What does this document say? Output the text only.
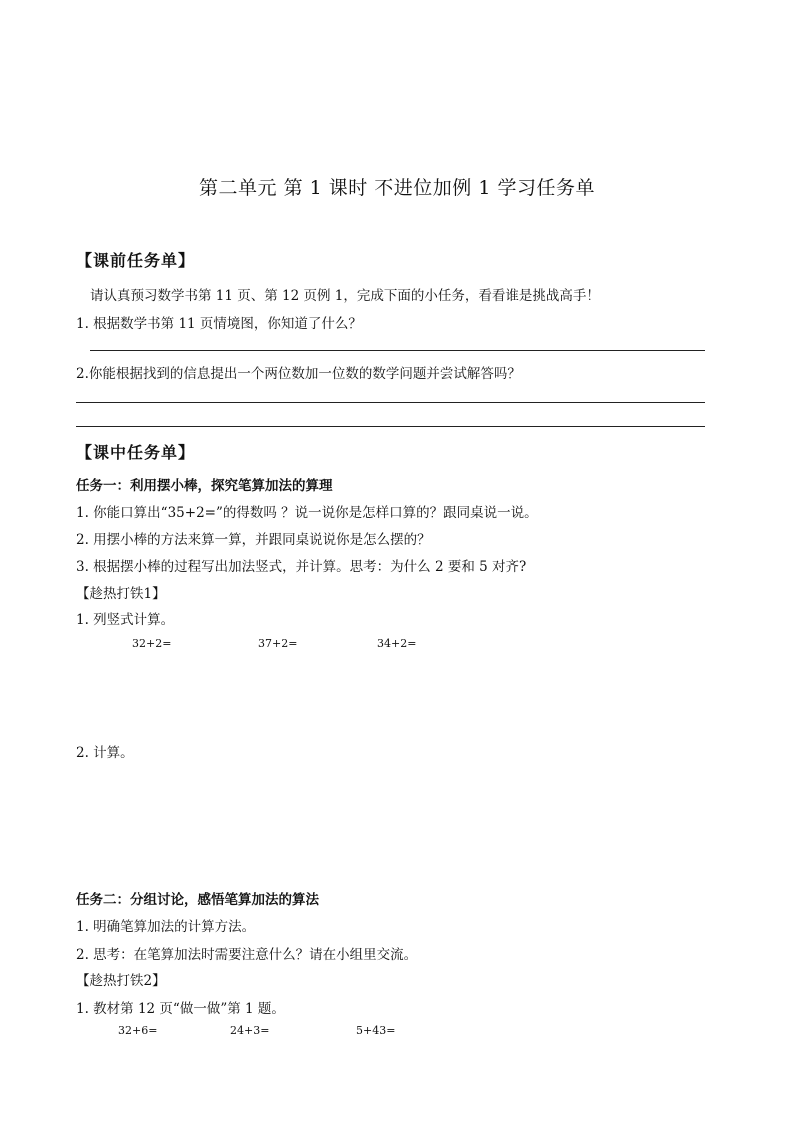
第二单元 第 1 课时 不进位加例 1 学习任务单
【课前任务单】
请认真预习数学书第 11 页、第 12 页例 1，完成下面的小任务，看看谁是挑战高手！
1. 根据数学书第 11 页情境图，你知道了什么？
2.你能根据找到的信息提出一个两位数加一位数的数学问题并尝试解答吗？
【课中任务单】
任务一：利用摆小棒，探究笔算加法的算理
1. 你能口算出“35+2=”的得数吗 ？说一说你是怎样口算的？跟同桌说一说。
2. 用摆小棒的方法来算一算，并跟同桌说说你是怎么摆的？
3. 根据摆小棒的过程写出加法竖式，并计算。思考：为什么 2 要和 5 对齐?
【趁热打铁1】
1. 列竖式计算。
32+2=	37+2=	34+2=
2. 计算。
任务二：分组讨论，感悟笔算加法的算法
1. 明确笔算加法的计算方法。
2. 思考：在笔算加法时需要注意什么？请在小组里交流。
【趁热打铁2】
1. 教材第 12 页“做一做”第 1 题。
32+6=	24+3=	5+43=
